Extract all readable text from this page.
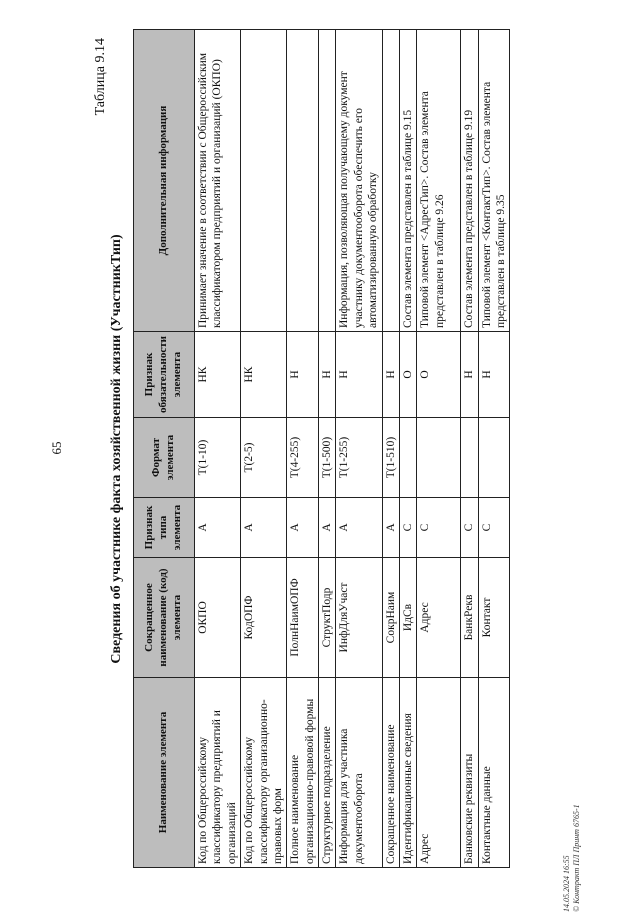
65
Таблица 9.14
Сведения об участнике факта хозяйственной жизни (УчастникТип)
Наименование элемента	Сокращенное наименование (код) элемента	Признак типа элемента	Формат элемента	Признак обязательности элемента	Дополнительная информация
Код по Общероссийскому классификатору предприятий и организаций	ОКПО	А	T(1-10)	НК	Принимает значение в соответствии с Общероссийским классификатором предприятий и организаций (ОКПО)
Код по Общероссийскому классификатору организационно-правовых форм	КодОПФ	А	T(2-5)	НК	
Полное наименование организационно-правовой формы	ПолнНаимОПФ	А	T(4-255)	Н	
Структурное подразделение	СтруктПодр	А	T(1-500)	Н	
Информация для участника документооборота	ИнфДляУчаст	А	T(1-255)	Н	Информация, позволяющая получающему документ участнику документооборота обеспечить его автоматизированную обработку
Сокращенное наименование	СокрНаим	А	T(1-510)	Н	
Идентификационные сведения	ИдСв	С		О	Состав элемента представлен в таблице 9.15
Адрес	Адрес	С		О	Типовой элемент <АдресТип>. Состав элемента представлен в таблице 9.26
Банковские реквизиты	БанкРекв	С		Н	Состав элемента представлен в таблице 9.19
Контактные данные	Контакт	С		Н	Типовой элемент <КонтактТип>. Состав элемента представлен в таблице 9.35
14.05.2024 16:55 © Контракт ПЛ Принт 6765-1
